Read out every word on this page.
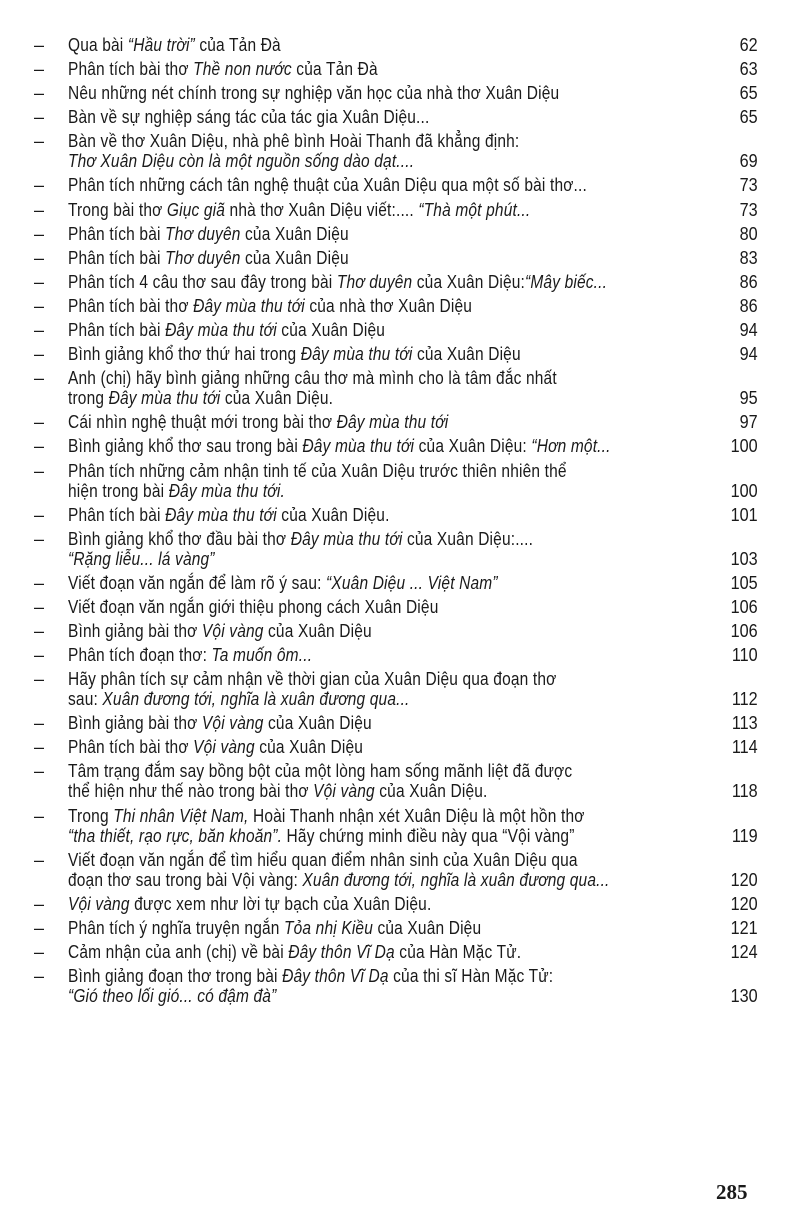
–	Qua bài “Hầu trời” của Tản Đà	62
–	Phân tích bài thơ Thề non nước của Tản Đà	63
–	Nêu những nét chính trong sự nghiệp văn học của nhà thơ Xuân Diệu	65
–	Bàn về sự nghiệp sáng tác của tác gia Xuân Diệu...	65
–	Bàn về thơ Xuân Diệu, nhà phê bình Hoài Thanh đã khẳng định:
Thơ Xuân Diệu còn là một nguồn sống dào dạt....	69
–	Phân tích những cách tân nghệ thuật của Xuân Diệu qua một số bài thơ...	73
–	Trong bài thơ Giục giã nhà thơ Xuân Diệu viết:.... “Thà một phút...	73
–	Phân tích bài Thơ duyên của Xuân Diệu	80
–	Phân tích bài Thơ duyên của Xuân Diệu	83
–	Phân tích 4 câu thơ sau đây trong bài Thơ duyên của Xuân Diệu:“Mây biếc...	86
–	Phân tích bài thơ Đây mùa thu tới của nhà thơ Xuân Diệu	86
–	Phân tích bài Đây mùa thu tới của Xuân Diệu	94
–	Bình giảng khổ thơ thứ hai trong Đây mùa thu tới của Xuân Diệu	94
–	Anh (chị) hãy bình giảng những câu thơ mà mình cho là tâm đắc nhất
trong Đây mùa thu tới của Xuân Diệu.	95
–	Cái nhìn nghệ thuật mới trong bài thơ Đây mùa thu tới	97
–	Bình giảng khổ thơ sau trong bài Đây mùa thu tới của Xuân Diệu: “Hơn một...	100
–	Phân tích những cảm nhận tinh tế của Xuân Diệu trước thiên nhiên thể
hiện trong bài Đây mùa thu tới.	100
–	Phân tích bài Đây mùa thu tới của Xuân Diệu.	101
–	Bình giảng khổ thơ đầu bài thơ Đây mùa thu tới của Xuân Diệu:....
“Rặng liễu... lá vàng”	103
–	Viết đoạn văn ngắn để làm rõ ý sau: “Xuân Diệu ... Việt Nam”	105
–	Viết đoạn văn ngắn giới thiệu phong cách Xuân Diệu	106
–	Bình giảng bài thơ Vội vàng của Xuân Diệu	106
–	Phân tích đoạn thơ: Ta muốn ôm...	110
–	Hãy phân tích sự cảm nhận về thời gian của Xuân Diệu qua đoạn thơ
sau: Xuân đương tới, nghĩa là xuân đương qua...	112
–	Bình giảng bài thơ Vội vàng của Xuân Diệu	113
–	Phân tích bài thơ Vội vàng của Xuân Diệu	114
–	Tâm trạng đắm say bồng bột của một lòng ham sống mãnh liệt đã được
thể hiện như thế nào trong bài thơ Vội vàng của Xuân Diệu.	118
–	Trong Thi nhân Việt Nam, Hoài Thanh nhận xét Xuân Diệu là một hồn thơ
“tha thiết, rạo rực, băn khoăn”. Hãy chứng minh điều này qua “Vội vàng”	119
–	Viết đoạn văn ngắn để tìm hiểu quan điểm nhân sinh của Xuân Diệu qua
đoạn thơ sau trong bài Vội vàng: Xuân đương tới, nghĩa là xuân đương qua...	120
–	Vội vàng được xem như lời tự bạch của Xuân Diệu.	120
–	Phân tích ý nghĩa truyện ngắn Tỏa nhị Kiều của Xuân Diệu	121
–	Cảm nhận của anh (chị) về bài Đây thôn Vĩ Dạ của Hàn Mặc Tử.	124
–	Bình giảng đoạn thơ trong bài Đây thôn Vĩ Dạ của thi sĩ Hàn Mặc Tử:
“Gió theo lối gió... có đậm đà”	130
285
